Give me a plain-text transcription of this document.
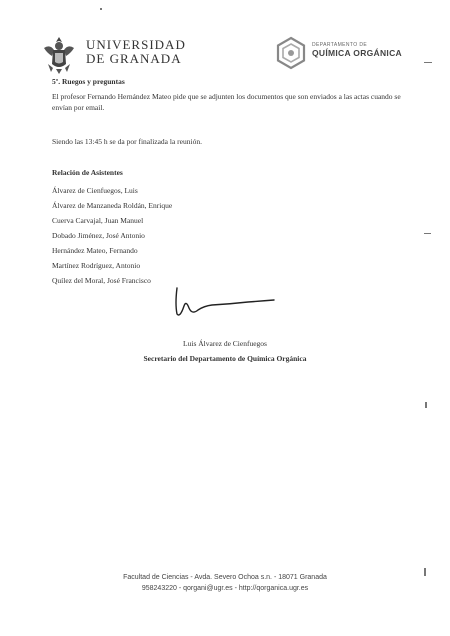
UNIVERSIDAD
DE GRANADA
DEPARTAMENTO DE
QUÍMICA ORGÁNICA
5º. Ruegos y preguntas
El profesor Fernando Hernández Mateo pide que se adjunten los documentos que son enviados a las actas cuando se envían por email.
Siendo las 13:45 h se da por finalizada la reunión.
Relación de Asistentes
Álvarez de Cienfuegos, Luis
Álvarez de Manzaneda Roldán, Enrique
Cuerva Carvajal, Juan Manuel
Dobado Jiménez, José Antonio
Hernández Mateo, Fernando
Martínez Rodríguez, Antonio
Quílez del Moral, José Francisco
Luis Álvarez de Cienfuegos
Secretario del Departamento de Química Orgánica
Facultad de Ciencias - Avda. Severo Ochoa s.n. - 18071 Granada
958243220 - qorgani@ugr.es - http://qorganica.ugr.es
